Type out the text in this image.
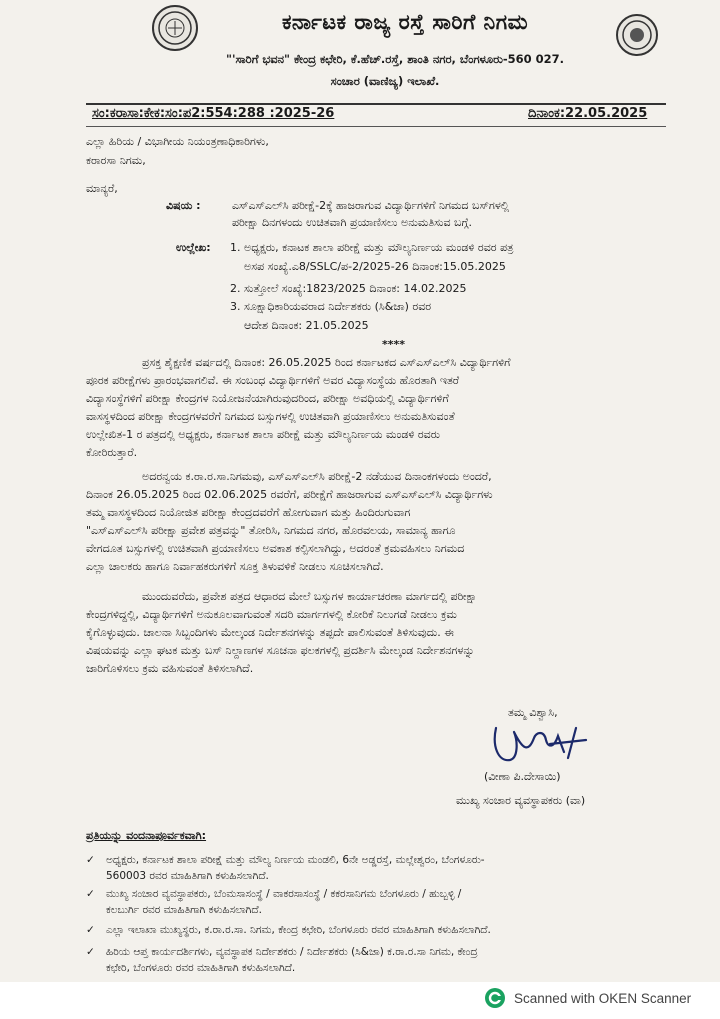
ಕರ್ನಾಟಕ ರಾಜ್ಯ ರಸ್ತೆ ಸಾರಿಗೆ ನಿಗಮ
"'ಸಾರಿಗೆ ಭವನ" ಕೇಂದ್ರ ಕಛೇರಿ, ಕೆ.ಹೆಚ್.ರಸ್ತೆ, ಶಾಂತಿ ನಗರ, ಬೆಂಗಳೂರು-560 027.
ಸಂಚಾರ (ವಾಣಿಜ್ಯ) ಇಲಾಖೆ.
ಸಂ:ಕರಾಸಾ:ಕೇಕ:ಸಂ:ಪ2:554:288 :2025-26	ದಿನಾಂಕ:22.05.2025
ಎಲ್ಲಾ ಹಿರಿಯ / ವಿಭಾಗೀಯ ನಿಯಂತ್ರಣಾಧಿಕಾರಿಗಳು,
ಕರಾರಸಾ ನಿಗಮ,
ಮಾನ್ಯರೆ,
ವಿಷಯ :	ಎಸ್‌ಎಸ್‌ಎಲ್‌ಸಿ ಪರೀಕ್ಷೆ-2ಕ್ಕೆ ಹಾಜರಾಗುವ ವಿದ್ಯಾರ್ಥಿಗಳಿಗೆ ನಿಗಮದ ಬಸ್‌ಗಳಲ್ಲಿ
ಪರೀಕ್ಷಾ ದಿನಗಳಂದು ಉಚಿತವಾಗಿ ಪ್ರಯಾಣಿಸಲು ಅನುಮತಿಸುವ ಬಗ್ಗೆ.
ಉಲ್ಲೇಖ: 1. ಅಧ್ಯಕ್ಷರು, ಕನಾಟಕ ಶಾಲಾ ಪರೀಕ್ಷೆ ಮತ್ತು ಮೌಲ್ಯನಿರ್ಣಯ ಮಂಡಳಿ ರವರ ಪತ್ರ
ಅಸಪ ಸಂಖ್ಯೆ.ಎ8/SSLC/ಪ-2/2025-26 ದಿನಾಂಕ:15.05.2025
2. ಸುತ್ತೋಲೆ ಸಂಖ್ಯೆ:1823/2025 ದಿನಾಂಕ: 14.02.2025
3. ಸೂಕ್ಷಾಧಿಕಾರಿಯವರಾದ ನಿರ್ದೇಶಕರು (ಸಿ&ಜಾ) ರವರ
ಆದೇಶ ದಿನಾಂಕ: 21.05.2025
****
ಪ್ರಸಕ್ತ ಶೈಕ್ಷಣಿಕ ವರ್ಷದಲ್ಲಿ ದಿನಾಂಕ: 26.05.2025 ರಿಂದ ಕರ್ನಾಟಕದ ಎಸ್‌ಎಸ್‌ಎಲ್‌ಸಿ ವಿದ್ಯಾರ್ಥಿಗಳಿಗೆ
ಪೂರಕ ಪರೀಕ್ಷೆಗಳು ಪ್ರಾರಂಭವಾಗಲಿವೆ. ಈ ಸಂಬಂಧ ವಿದ್ಯಾರ್ಥಿಗಳಿಗೆ ಅವರ ವಿದ್ಯಾಸಂಸ್ಥೆಯ ಹೊರತಾಗಿ ಇತರೆ
ವಿದ್ಯಾಸಂಸ್ಥೆಗಳಿಗೆ ಪರೀಕ್ಷಾ ಕೇಂದ್ರಗಳ ನಿಯೋಜನೆಯಾಗಿರುವುದರಿಂದ, ಪರೀಕ್ಷಾ ಅವಧಿಯಲ್ಲಿ ವಿದ್ಯಾರ್ಥಿಗಳಿಗೆ
ವಾಸಸ್ಥಳದಿಂದ ಪರೀಕ್ಷಾ ಕೇಂದ್ರಗಳವರೆಗೆ ನಿಗಮದ ಬಸ್ಸುಗಳಲ್ಲಿ ಉಚಿತವಾಗಿ ಪ್ರಯಾಣಿಸಲು ಅನುಮತಿಸುವಂತೆ
ಉಲ್ಲೇಖಿತ-1 ರ ಪತ್ರದಲ್ಲಿ ಅಧ್ಯಕ್ಷರು, ಕರ್ನಾಟಕ ಶಾಲಾ ಪರೀಕ್ಷೆ ಮತ್ತು ಮೌಲ್ಯನಿರ್ಣಯ ಮಂಡಳಿ ರವರು
ಕೋರಿರುತ್ತಾರೆ.
ಅದರನ್ವಯ ಕ.ರಾ.ರ.ಸಾ.ನಿಗಮವು, ಎಸ್‌ಎಸ್‌ಎಲ್‌ಸಿ ಪರೀಕ್ಷೆ-2 ನಡೆಯುವ ದಿನಾಂಕಗಳಂದು ಅಂದರೆ,
ದಿನಾಂಕ 26.05.2025 ರಿಂದ 02.06.2025 ರವರೆಗೆ, ಪರೀಕ್ಷೆಗೆ ಹಾಜರಾಗುವ ಎಸ್‌ಎಸ್‌ಎಲ್‌ಸಿ ವಿದ್ಯಾರ್ಥಿಗಳು
ತಮ್ಮ ವಾಸಸ್ಥಳದಿಂದ ನಿಯೋಜಿತ ಪರೀಕ್ಷಾ ಕೇಂದ್ರದವರೆಗೆ ಹೋಗುವಾಗ ಮತ್ತು ಹಿಂದಿರುಗುವಾಗ
"ಎಸ್‌ಎಸ್‌ಎಲ್‌ಸಿ ಪರೀಕ್ಷಾ ಪ್ರವೇಶ ಪತ್ರವನ್ನು" ತೋರಿಸಿ, ನಿಗಮದ ನಗರ, ಹೊರವಲಯ, ಸಾಮಾನ್ಯ ಹಾಗೂ
ವೇಗದೂತ ಬಸ್ಸುಗಳಲ್ಲಿ ಉಚಿತವಾಗಿ ಪ್ರಯಾಣಿಸಲು ಅವಕಾಶ ಕಲ್ಪಿಸಲಾಗಿದ್ದು, ಅದರಂತೆ ಕ್ರಮವಹಿಸಲು ನಿಗಮದ
ಎಲ್ಲಾ ಚಾಲಕರು ಹಾಗೂ ನಿರ್ವಾಹಕರುಗಳಿಗೆ ಸೂಕ್ತ ತಿಳುವಳಿಕೆ ನೀಡಲು ಸೂಚಿಸಲಾಗಿದೆ.
ಮುಂದುವರೆದು, ಪ್ರವೇಶ ಪತ್ರದ ಆಧಾರದ ಮೇಲೆ ಬಸ್ಸುಗಳ ಕಾರ್ಯಾಚರಣಾ ಮಾರ್ಗದಲ್ಲಿ ಪರೀಕ್ಷಾ
ಕೇಂದ್ರಗಳಿದ್ದಲ್ಲಿ, ವಿದ್ಯಾರ್ಥಿಗಳಿಗೆ ಅನುಕೂಲವಾಗುವಂತೆ ಸದರಿ ಮಾರ್ಗಗಳಲ್ಲಿ ಕೋರಿಕೆ ನಿಲುಗಡೆ ನೀಡಲು ಕ್ರಮ
ಕೈಗೊಳ್ಳುವುದು. ಚಾಲನಾ ಸಿಬ್ಬಂದಿಗಳು ಮೇಲ್ಕಂಡ ನಿರ್ದೇಶನಗಳನ್ನು ತಪ್ಪದೇ ಪಾಲಿಸುವಂತೆ ತಿಳಿಸುವುದು. ಈ
ವಿಷಯವನ್ನು ಎಲ್ಲಾ ಘಟಕ ಮತ್ತು ಬಸ್ ನಿಲ್ದಾಣಗಳ ಸೂಚನಾ ಫಲಕಗಳಲ್ಲಿ ಪ್ರದರ್ಶಿಸಿ ಮೇಲ್ಕಂಡ ನಿರ್ದೇಶನಗಳನ್ನು
ಜಾರಿಗೊಳಿಸಲು ಕ್ರಮ ವಹಿಸುವಂತೆ ತಿಳಿಸಲಾಗಿದೆ.
ತಮ್ಮ ವಿಶ್ವಾಸಿ,
(ವೀಣಾ ಪಿ.ದೇಸಾಯಿ)
ಮುಖ್ಯ ಸಂಚಾರ ವ್ಯವಸ್ಥಾಪಕರು (ವಾ)
ಪ್ರತಿಯನ್ನು ವಂದನಾಪೂರ್ವಕವಾಗಿ:
✓ ಅಧ್ಯಕ್ಷರು, ಕರ್ನಾಟಕ ಶಾಲಾ ಪರೀಕ್ಷೆ ಮತ್ತು ಮೌಲ್ಯ ನಿರ್ಣಯ ಮಂಡಲಿ, 6ನೇ ಅಡ್ಡರಸ್ತೆ, ಮಲ್ಲೇಶ್ವರಂ, ಬೆಂಗಳೂರು-
560003 ರವರ ಮಾಹಿತಿಗಾಗಿ ಕಳುಹಿಸಲಾಗಿದೆ.
✓ ಮುಖ್ಯ ಸಂಚಾರ ವ್ಯವಸ್ಥಾಪಕರು, ಬೆಂಮಸಾಸಂಸ್ಥೆ / ವಾಕರಸಾಸಂಸ್ಥೆ / ಕಕರಸಾನಿಗಮ ಬೆಂಗಳೂರು / ಹುಬ್ಬಳ್ಳಿ /
ಕಲಬುರ್ಗಿ ರವರ ಮಾಹಿತಿಗಾಗಿ ಕಳುಹಿಸಲಾಗಿದೆ.
✓ ಎಲ್ಲಾ ಇಲಾಖಾ ಮುಖ್ಯಸ್ಥರು, ಕ.ರಾ.ರ.ಸಾ. ನಿಗಮ, ಕೇಂದ್ರ ಕಛೇರಿ, ಬೆಂಗಳೂರು ರವರ ಮಾಹಿತಿಗಾಗಿ ಕಳುಹಿಸಲಾಗಿದೆ.
✓ ಹಿರಿಯ ಆಪ್ತ ಕಾರ್ಯದರ್ಶಿಗಳು, ವ್ಯವಸ್ಥಾಪಕ ನಿರ್ದೇಶಕರು / ನಿರ್ದೇಶಕರು (ಸಿ&ಜಾ) ಕ.ರಾ.ರ.ಸಾ ನಿಗಮ, ಕೇಂದ್ರ
ಕಛೇರಿ, ಬೆಂಗಳೂರು ರವರ ಮಾಹಿತಿಗಾಗಿ ಕಳುಹಿಸಲಾಗಿದೆ.
Scanned with OKEN Scanner
